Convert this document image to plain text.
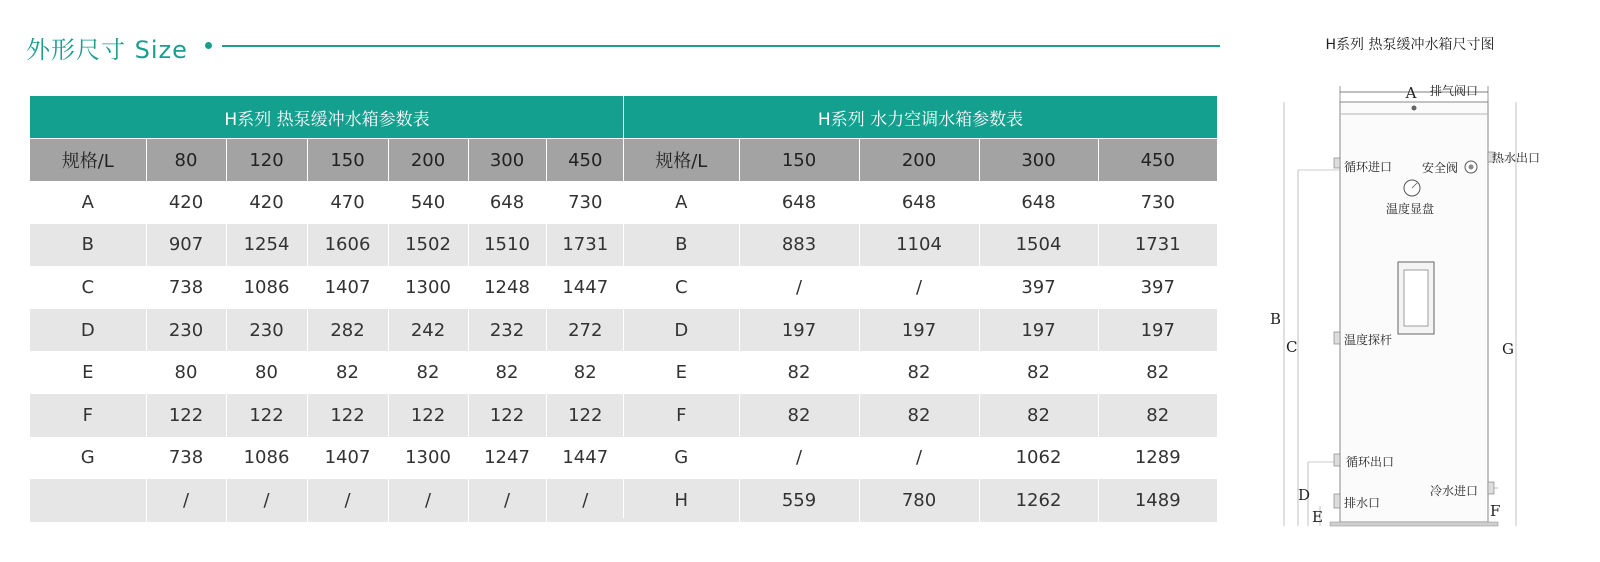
外形尺寸 Size
H系列 热泵缓冲水箱参数表						
规格/L	80	120	150	200	300	450
A	420	420	470	540	648	730
B	907	1254	1606	1502	1510	1731
C	738	1086	1407	1300	1248	1447
D	230	230	282	242	232	272
E	80	80	82	82	82	82
F	122	122	122	122	122	122
G	738	1086	1407	1300	1247	1447
	/	/	/	/	/	/
H系列 水力空调水箱参数表				
规格/L	150	200	300	450
A	648	648	648	730
B	883	1104	1504	1731
C	/	/	397	397
D	197	197	197	197
E	82	82	82	82
F	82	82	82	82
G	/	/	1062	1289
H	559	780	1262	1489
H系列 热泵缓冲水箱尺寸图
A 排气阀口
B
C
D
E
G
F
循环进口 安全阀
热水出口
温度显盘
温度探杆
循环出口
排水口
冷水进口
